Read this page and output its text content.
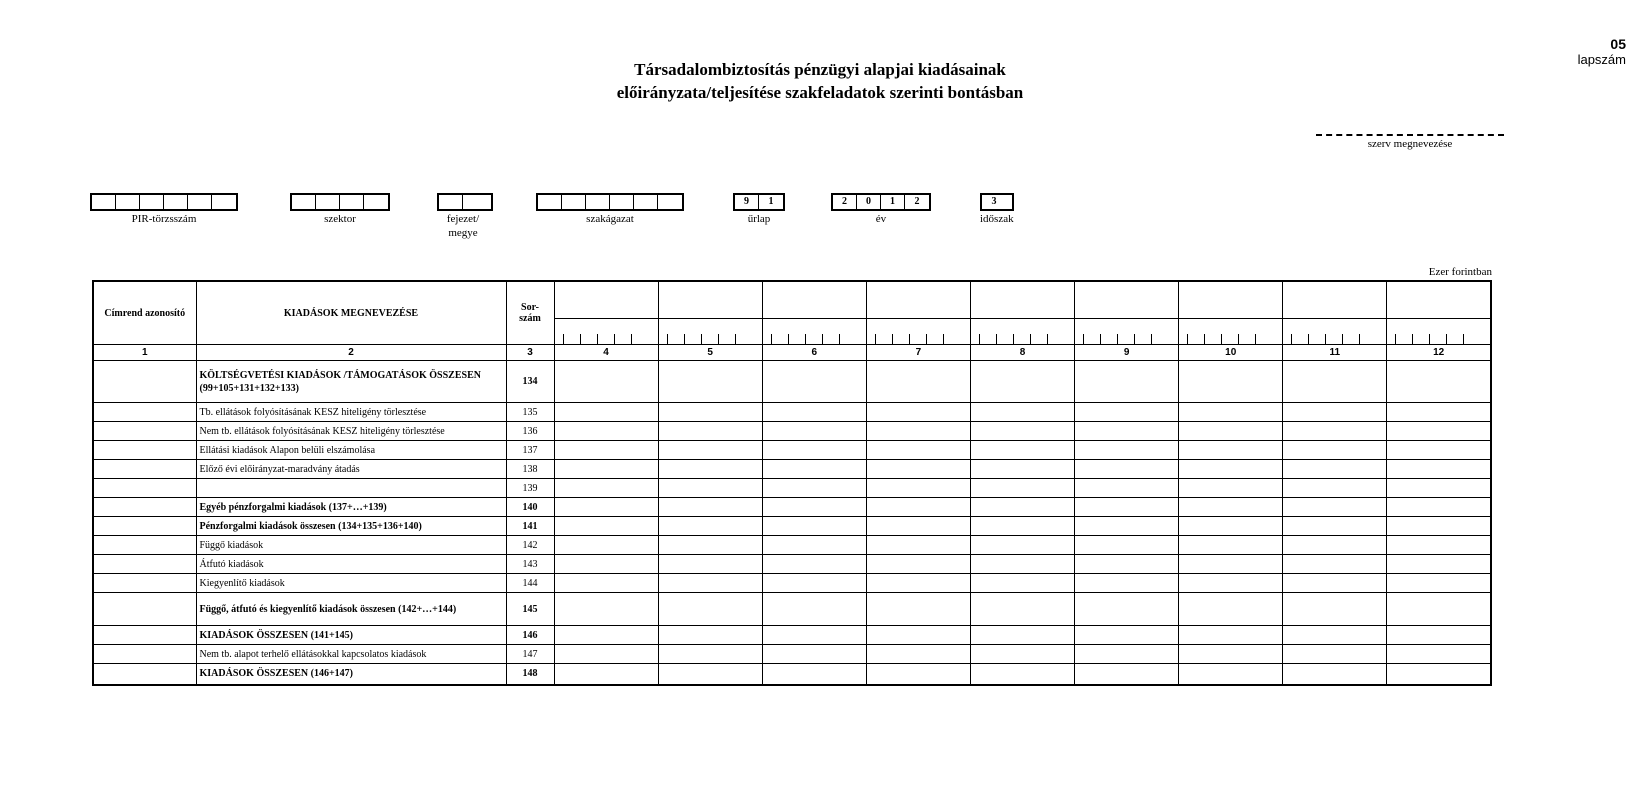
05
lapszám
Társadalombiztosítás pénzügyi alapjai kiadásainak
előirányzata/teljesítése szakfeladatok szerinti bontásban
szerv megnevezése
PIR-törzsszám	szektor	fejezet/ megye
szakágazat
9	1
űrlap
2	0	1	2
év
3
időszak
Ezer forintban
Címrend azonosító	KIADÁSOK MEGNEVEZÉSE	Sor-szám									

1	2	3	4	5	6	7	8	9	10	11	12
	KÖLTSÉGVETÉSI KIADÁSOK /TÁMOGATÁSOK ÖSSZESEN (99+105+131+132+133)	134									
	Tb. ellátások folyósításának KESZ hiteligény törlesztése	135									
	Nem tb. ellátások folyósításának KESZ hiteligény törlesztése	136									
	Ellátási kiadások Alapon belüli elszámolása	137									
	Előző évi előirányzat-maradvány átadás	138									
		139									
	Egyéb pénzforgalmi kiadások (137+…+139)	140									
	Pénzforgalmi kiadások összesen (134+135+136+140)	141									
	Függő kiadások	142									
	Átfutó kiadások	143									
	Kiegyenlítő kiadások	144									
	Függő, átfutó és kiegyenlítő kiadások összesen (142+…+144)	145									
	KIADÁSOK ÖSSZESEN (141+145)	146									
	Nem tb. alapot terhelő ellátásokkal kapcsolatos kiadások	147									
	KIADÁSOK ÖSSZESEN (146+147)	148									
